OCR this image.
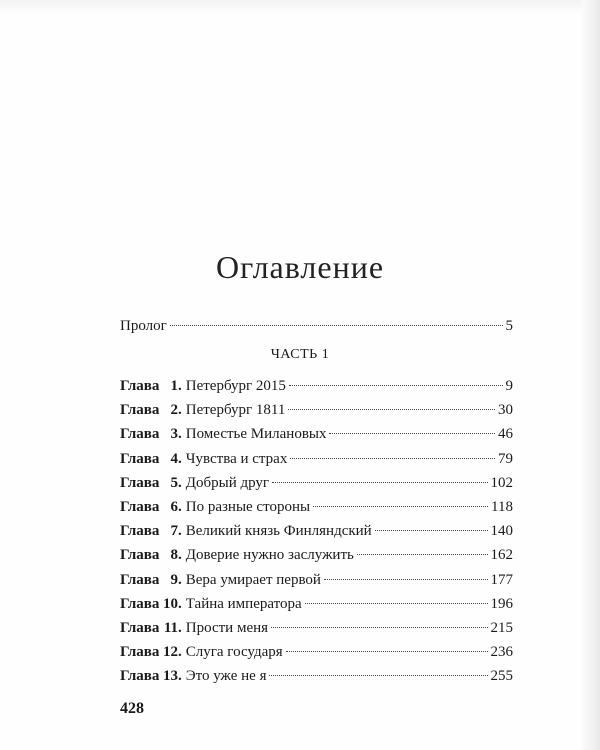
Оглавление
Пролог	5
ЧАСТЬ 1
Глава 1 . Петербург 2015	9
Глава 2 . Петербург 1811	30
Глава 3 . Поместье Милановых	46
Глава 4 . Чувства и страх	79
Глава 5 . Добрый друг	102
Глава 6 . По разные стороны	118
Глава 7 . Великий князь Финляндский	140
Глава 8 . Доверие нужно заслужить	162
Глава 9 . Вера умирает первой	177
Глава 10 . Тайна императора	196
Глава 11 . Прости меня	215
Глава 12 . Слуга государя	236
Глава 13 . Это уже не я	255
428
